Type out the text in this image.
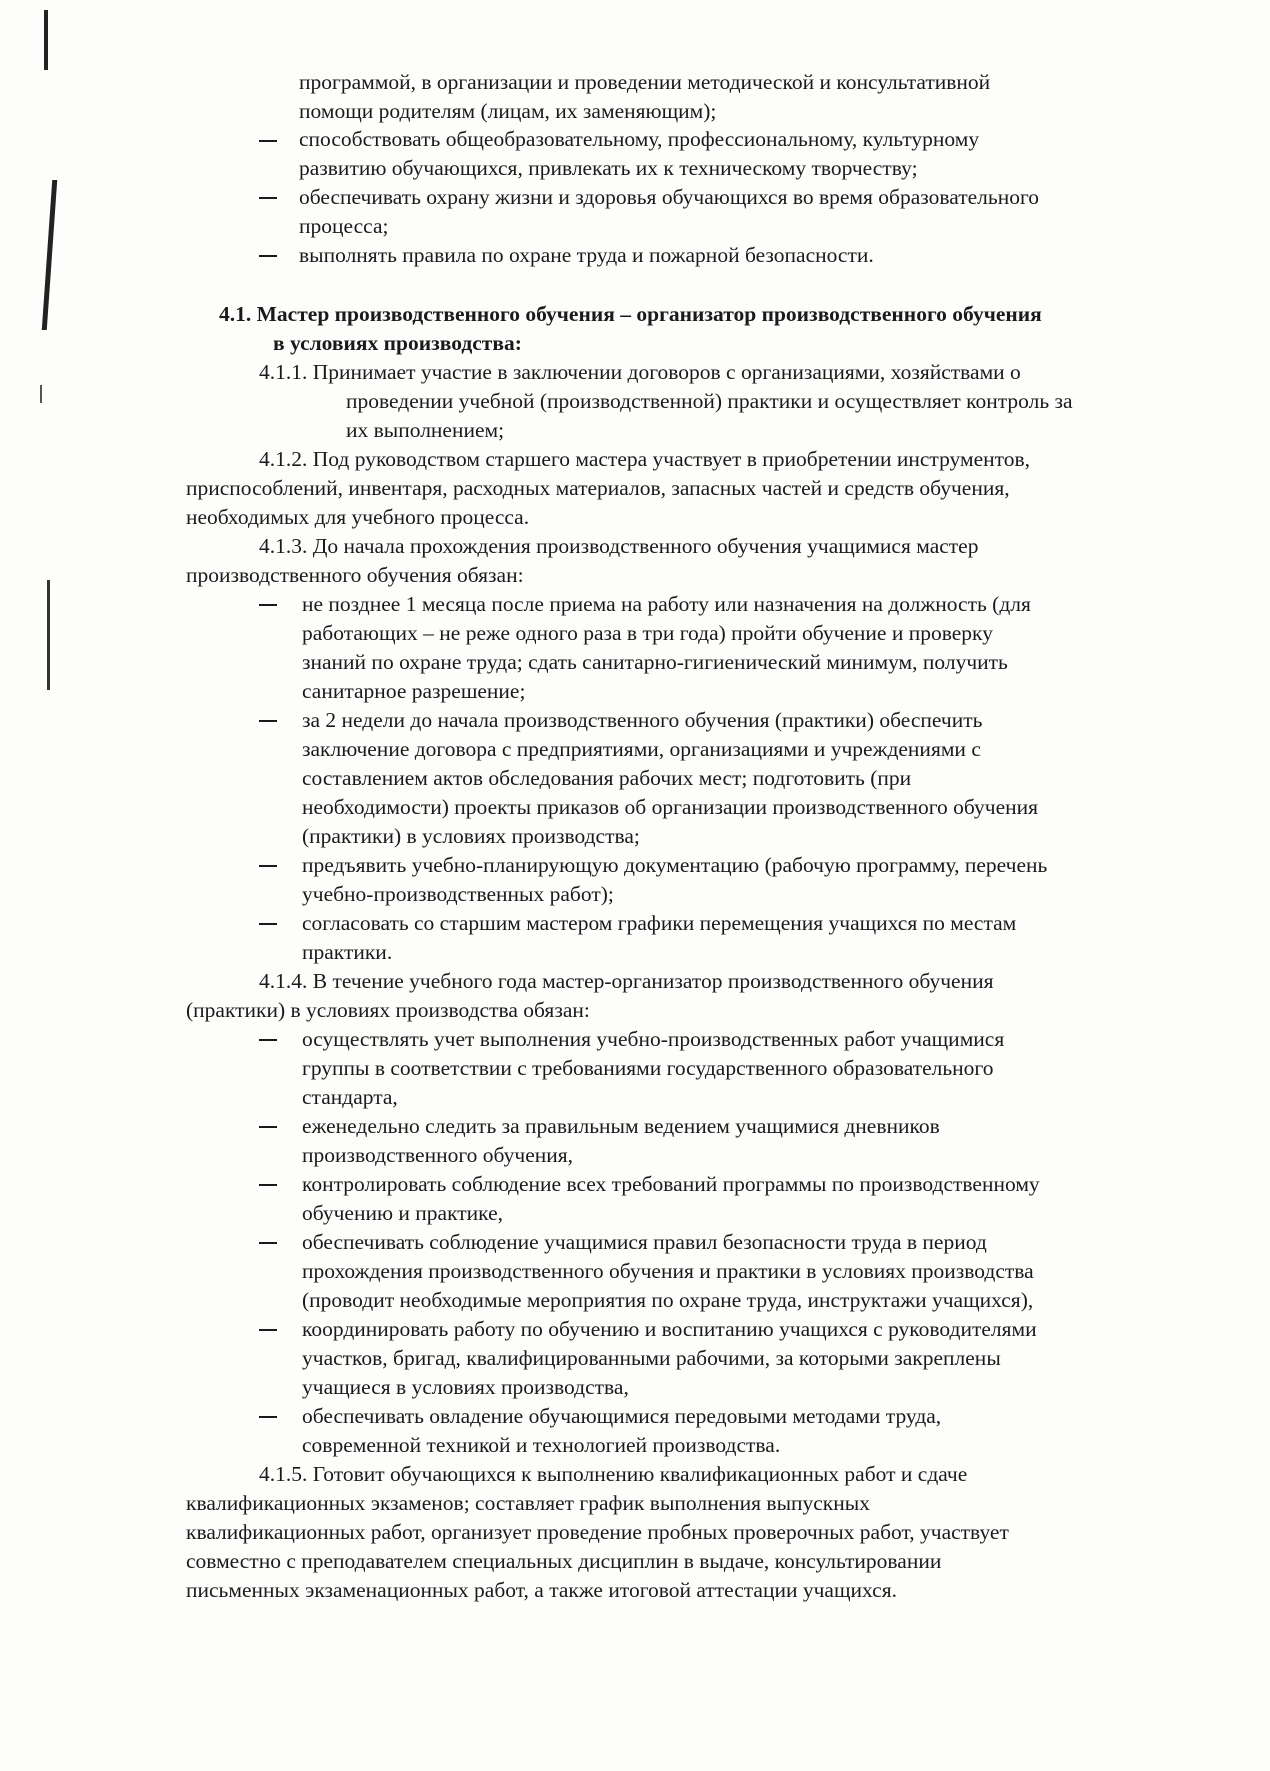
программой, в организации и проведении методической и консультативной
помощи родителям (лицам, их заменяющим);
способствовать общеобразовательному, профессиональному, культурному
развитию обучающихся, привлекать их к техническому творчеству;
обеспечивать охрану жизни и здоровья обучающихся во время образовательного
процесса;
выполнять правила по охране труда и пожарной безопасности.
4.1. Мастер производственного обучения – организатор производственного обучения
в условиях производства:
4.1.1. Принимает участие в заключении договоров с организациями, хозяйствами о
проведении учебной (производственной) практики и осуществляет контроль за
их выполнением;
4.1.2. Под руководством старшего мастера участвует в приобретении инструментов,
приспособлений, инвентаря, расходных материалов, запасных частей и средств обучения,
необходимых для учебного процесса.
4.1.3. До начала прохождения производственного обучения учащимися мастер
производственного обучения обязан:
не позднее 1 месяца после приема на работу или назначения на должность (для
работающих – не реже одного раза в три года) пройти обучение и проверку
знаний по охране труда; сдать санитарно-гигиенический минимум, получить
санитарное разрешение;
за 2 недели до начала производственного обучения (практики) обеспечить
заключение договора с предприятиями, организациями и учреждениями с
составлением актов обследования рабочих мест; подготовить (при
необходимости) проекты приказов об организации производственного обучения
(практики) в условиях производства;
предъявить учебно-планирующую документацию (рабочую программу, перечень
учебно-производственных работ);
согласовать со старшим мастером графики перемещения учащихся по местам
практики.
4.1.4. В течение учебного года мастер-организатор производственного обучения
(практики) в условиях производства обязан:
осуществлять учет выполнения учебно-производственных работ учащимися
группы в соответствии с требованиями государственного образовательного
стандарта,
еженедельно следить за правильным ведением учащимися дневников
производственного обучения,
контролировать соблюдение всех требований программы по производственному
обучению и практике,
обеспечивать соблюдение учащимися правил безопасности труда в период
прохождения производственного обучения и практики в условиях производства
(проводит необходимые мероприятия по охране труда, инструктажи учащихся),
координировать работу по обучению и воспитанию учащихся с руководителями
участков, бригад, квалифицированными рабочими, за которыми закреплены
учащиеся в условиях производства,
обеспечивать овладение обучающимися передовыми методами труда,
современной техникой и технологией производства.
4.1.5. Готовит обучающихся к выполнению квалификационных работ и сдаче
квалификационных экзаменов; составляет график выполнения выпускных
квалификационных работ, организует проведение пробных проверочных работ, участвует
совместно с преподавателем специальных дисциплин в выдаче, консультировании
письменных экзаменационных работ, а также итоговой аттестации учащихся.
